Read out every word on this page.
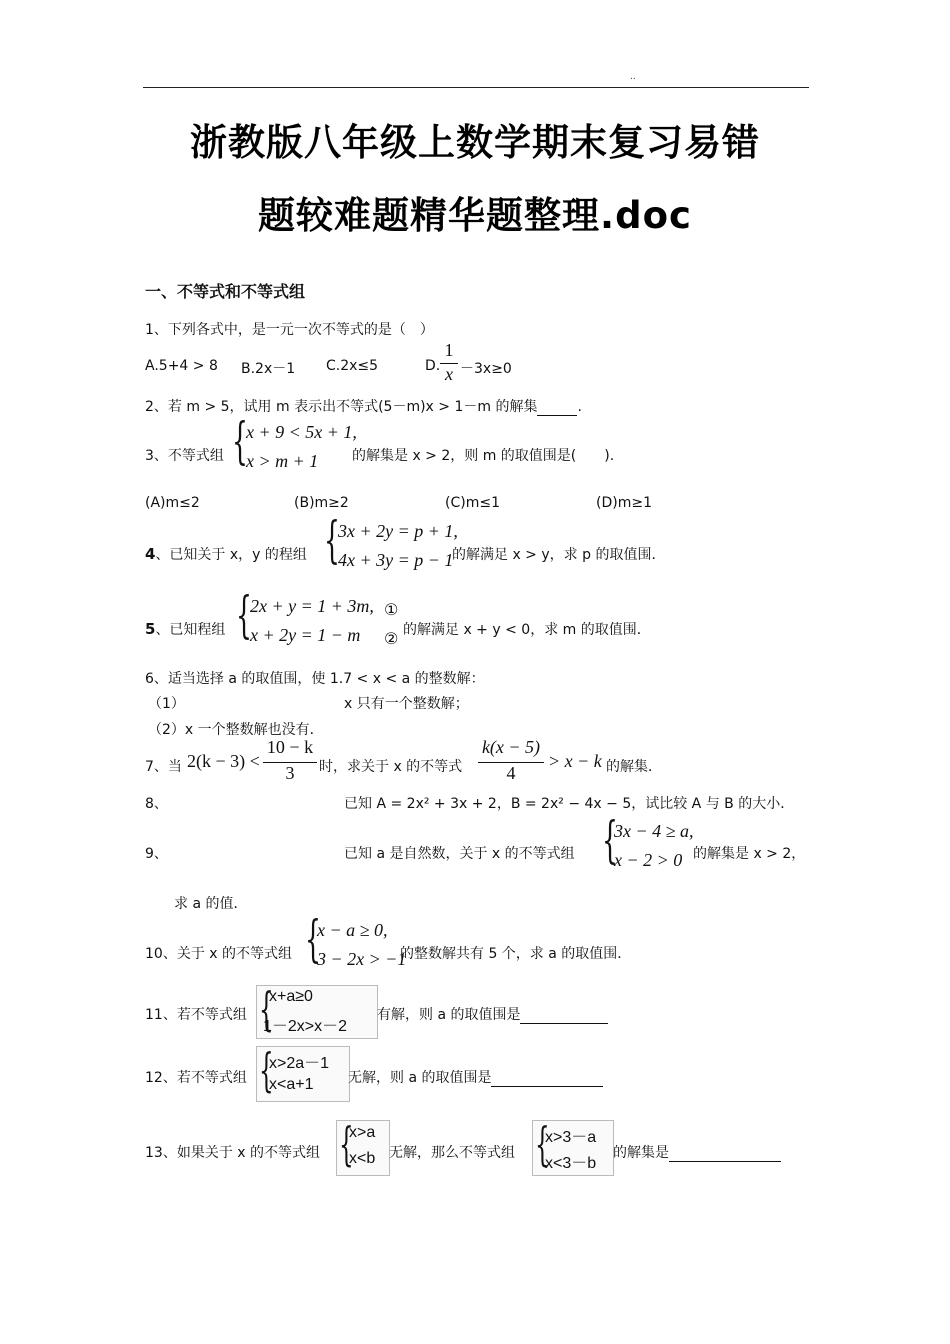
..
浙教版八年级上数学期末复习易错
题较难题精华题整理.doc
一、不等式和不等式组
1、下列各式中，是一元一次不等式的是（　）
A.5+4 > 8 B.2x－1 C.2x≤5	D.
1
x －3x≥0
2、若 m > 5，试用 m 表示出不等式(5－m)x > 1－m 的解集	.
3、不等式组 {
x + 9 < 5x + 1,
x > m + 1 的解集是 x > 2，则 m 的取值围是(　　).
(A)m≤2	(B)m≥2	(C)m≤1	(D)m≥1
4、已知关于 x，y 的程组 {
3x + 2y = p + 1,
4x + 3y = p − 1
的解满足 x > y，求 p 的取值围．
5、已知程组 {
2x + y = 1 + 3m,
x + 2y = 1 − m
①
② 的解满足 x + y < 0，求 m 的取值围．
6、适当选择 a 的取值围，使 1.7 < x < a 的整数解：
（1）	x 只有一个整数解；
（2）x 一个整数解也没有．
7、当 2(k − 3) <
10 − k
3	时，求关于 x 的不等式
k(x − 5)
4
> x − k 的解集．
8、	已知 A = 2x² + 3x + 2，B = 2x² − 4x − 5，试比较 A 与 B 的大小．
9、	已知 a 是自然数，关于 x 的不等式组 {
3x − 4 ≥ a,
x − 2 > 0 的解集是 x > 2，
求 a 的值．
10、关于 x 的不等式组 {
x − a ≥ 0,
3 − 2x > −1
的整数解共有 5 个，求 a 的取值围．
11、若不等式组 {
x+a≥0
1－2x>x－2
有解，则 a 的取值围是
12、若不等式组 {
x>2a－1
x<a+1 无解，则 a 的取值围是
13、如果关于 x 的不等式组 {
x>a
x<b 无解，那么不等式组 {
x>3－a
x<3－b
的解集是
